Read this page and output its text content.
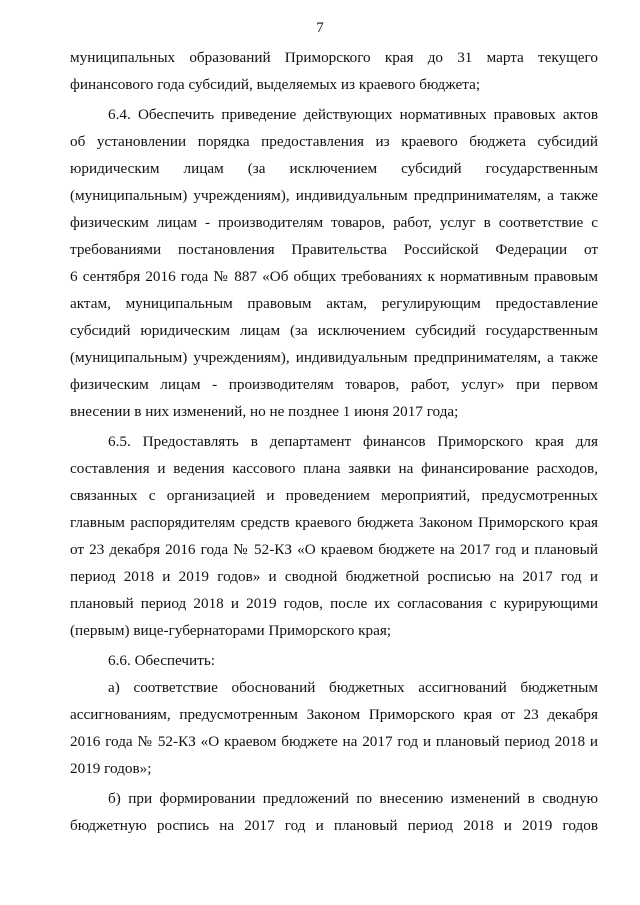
7
муниципальных образований Приморского края до 31 марта текущего
финансового года субсидий, выделяемых из краевого бюджета;
6.4. Обеспечить приведение действующих нормативных правовых актов
об установлении порядка предоставления из краевого бюджета субсидий
юридическим лицам (за исключением субсидий государственным
(муниципальным) учреждениям), индивидуальным предпринимателям, а также
физическим лицам - производителям товаров, работ, услуг в соответствие с
требованиями постановления Правительства Российской Федерации от
6 сентября 2016 года № 887 «Об общих требованиях к нормативным правовым
актам, муниципальным правовым актам, регулирующим предоставление
субсидий юридическим лицам (за исключением субсидий государственным
(муниципальным) учреждениям), индивидуальным предпринимателям, а также
физическим лицам - производителям товаров, работ, услуг» при первом
внесении в них изменений, но не позднее 1 июня 2017 года;
6.5. Предоставлять в департамент финансов Приморского края для
составления и ведения кассового плана заявки на финансирование расходов,
связанных с организацией и проведением мероприятий, предусмотренных
главным распорядителям средств краевого бюджета Законом Приморского края
от 23 декабря 2016 года № 52-КЗ «О краевом бюджете на 2017 год и плановый
период 2018 и 2019 годов» и сводной бюджетной росписью на 2017 год и
плановый период 2018 и 2019 годов, после их согласования с курирующими
(первым) вице-губернаторами Приморского края;
6.6. Обеспечить:
а) соответствие обоснований бюджетных ассигнований бюджетным
ассигнованиям, предусмотренным Законом Приморского края от 23 декабря
2016 года № 52-КЗ «О краевом бюджете на 2017 год и плановый период 2018 и
2019 годов»;
б) при формировании предложений по внесению изменений в сводную
бюджетную роспись на 2017 год и плановый период 2018 и 2019 годов
